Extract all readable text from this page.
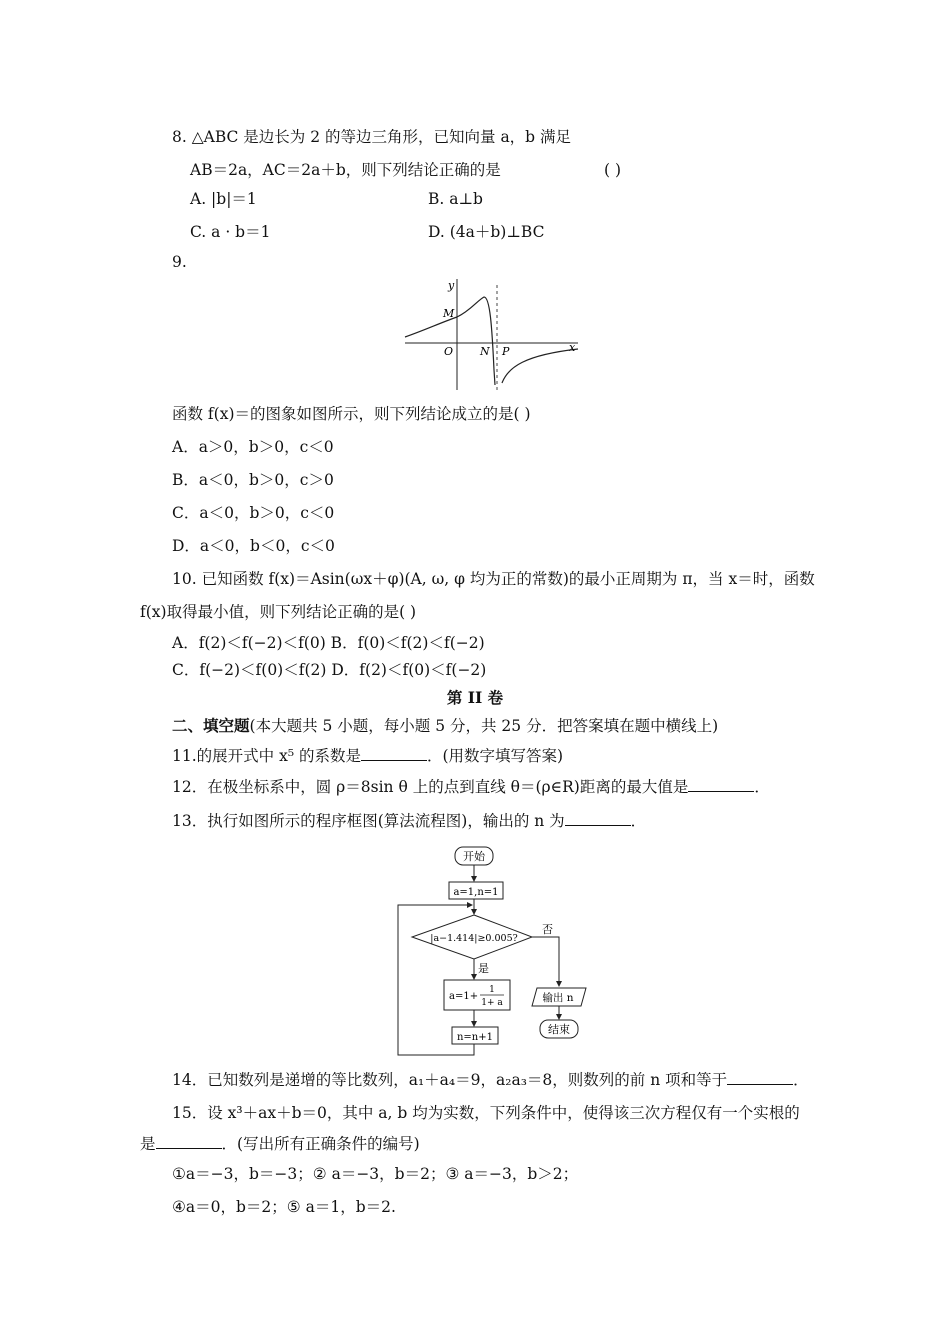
8. △ABC 是边长为 2 的等边三角形，已知向量 a，b 满足
AB＝2a，AC＝2a＋b，则下列结论正确的是	( )
A. |b|＝1	B. a⊥b
C. a · b＝1	D. (4a＋b)⊥BC
9.
y
M
O N P	x
函数 f(x)＝的图象如图所示，则下列结论成立的是( )
A．a＞0，b＞0，c＜0
B．a＜0，b＞0，c＞0
C．a＜0，b＞0，c＜0
D．a＜0，b＜0，c＜0
10. 已知函数 f(x)＝Asin(ωx＋φ)(A, ω, φ 均为正的常数)的最小正周期为 π，当 x＝时，函数
f(x)取得最小值，则下列结论正确的是( )
A．f(2)＜f(−2)＜f(0) B．f(0)＜f(2)＜f(−2)
C．f(−2)＜f(0)＜f(2) D．f(2)＜f(0)＜f(−2)
第 II 卷
二、填空题(本大题共 5 小题，每小题 5 分，共 25 分．把答案填在题中横线上)
11.的展开式中 x⁵ 的系数是	．(用数字填写答案)
12．在极坐标系中，圆 ρ＝8sin θ 上的点到直线 θ＝(ρ∈R)距离的最大值是	．
13．执行如图所示的程序框图(算法流程图)，输出的 n 为	．
开始
a=1,n=1
|a−1.414|≥0.005?
否
输出 n
结束
是
a=1+
1
1+ a
n=n+1
14．已知数列是递增的等比数列，a₁＋a₄＝9，a₂a₃＝8，则数列的前 n 项和等于	．
15．设 x³＋ax＋b＝0，其中 a, b 均为实数，下列条件中，使得该三次方程仅有一个实根的
是	．(写出所有正确条件的编号)
①a＝−3，b＝−3；② a＝−3，b＝2；③ a＝−3，b＞2；
④a＝0，b＝2；⑤ a＝1，b＝2.
